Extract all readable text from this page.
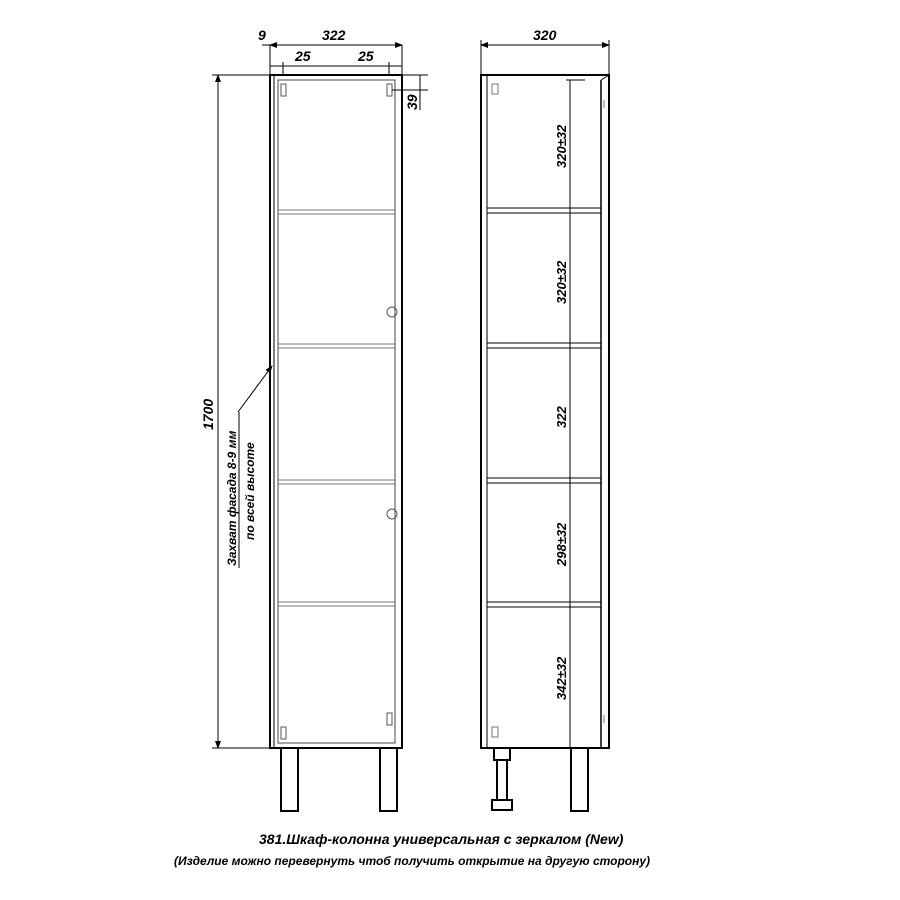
9	322
25	25
39
1700
Захват фасада 8-9 мм по всей высоте
320±32
320±32
322
298±32
342±32
320
381.Шкаф-колонна универсальная с зеркалом (New)
(Изделие можно перевернуть чтоб получить открытие на другую сторону)
